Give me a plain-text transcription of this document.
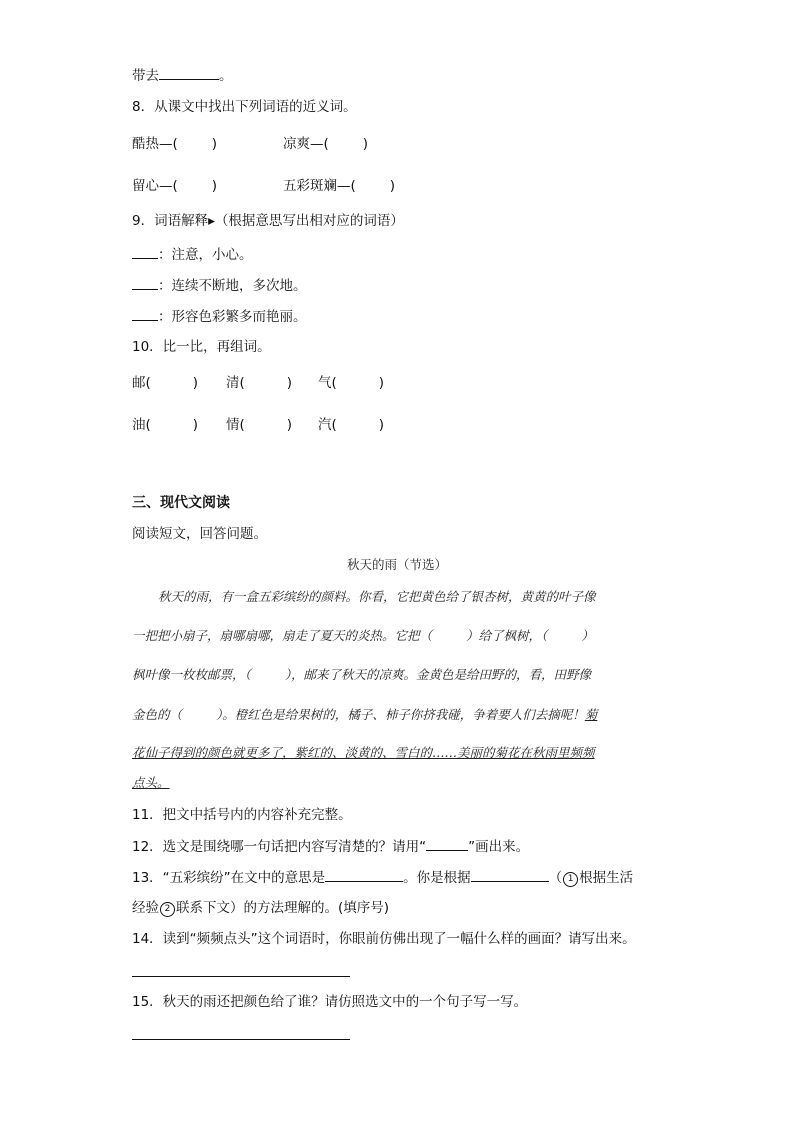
带去	。
8．从课文中找出下列词语的近义词。
酷热—(	)	凉爽—(	)
留心—(	)	五彩斑斓—(	)
9．词语解释▸（根据意思写出相对应的词语）
：注意，小心。
：连续不断地，多次地。
：形容色彩繁多而艳丽。
10．比一比，再组词。
邮(	) 清(	) 气(	)
油(	) 情(	) 汽(	)
三、现代文阅读
阅读短文，回答问题。
秋天的雨（节选）
秋天的雨，有一盒五彩缤纷的颜料。你看，它把黄色给了银杏树，黄黄的叶子像
一把把小扇子，扇哪扇哪，扇走了夏天的炎热。它把（	）给了枫树，（	）
枫叶像一枚枚邮票，（	），邮来了秋天的凉爽。金黄色是给田野的，看，田野像
金色的（	）。橙红色是给果树的，橘子、柿子你挤我碰，争着要人们去摘呢！菊
花仙子得到的颜色就更多了，紫红的、淡黄的、雪白的……美丽的菊花在秋雨里频频
点头。
11．把文中括号内的内容补充完整。
12．选文是围绕哪一句话把内容写清楚的？请用“	”画出来。
13．“五彩缤纷”在文中的意思是	。你是根据	（ 1 根据生活
经验 2 联系下文）的方法理解的。(填序号)
14．读到“频频点头”这个词语时，你眼前仿佛出现了一幅什么样的画面？请写出来。
15．秋天的雨还把颜色给了谁？请仿照选文中的一个句子写一写。
